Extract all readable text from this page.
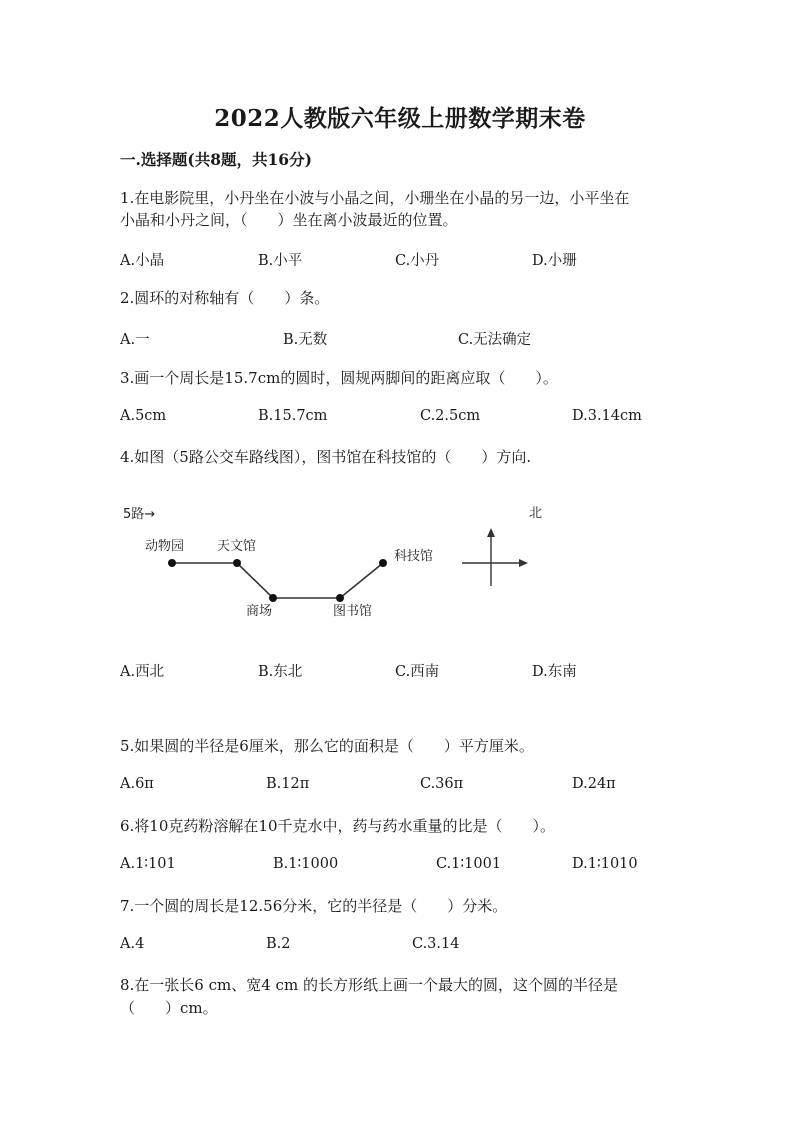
2022人教版六年级上册数学期末卷
一.选择题(共8题，共16分)
1.在电影院里，小丹坐在小波与小晶之间，小珊坐在小晶的另一边，小平坐在
小晶和小丹之间，（　　）坐在离小波最近的位置。
A.小晶	B.小平	C.小丹	D.小珊
2.圆环的对称轴有（　　）条。
A.一	B.无数	C.无法确定
3.画一个周长是15.7cm的圆时，圆规两脚间的距离应取（　　）。
A.5cm	B.15.7cm	C.2.5cm	D.3.14cm
4.如图（5路公交车路线图），图书馆在科技馆的（　　）方向.
5路→	北
动物园	天文馆
商场	图书馆
科技馆
A.西北	B.东北	C.西南	D.东南
5.如果圆的半径是6厘米，那么它的面积是（　　）平方厘米。
A.6π	B.12π	C.36π	D.24π
6.将10克药粉溶解在10千克水中，药与药水重量的比是（　　）。
A.1∶101	B.1∶1000	C.1∶1001	D.1∶1010
7.一个圆的周长是12.56分米，它的半径是（　　）分米。
A.4	B.2	C.3.14
8.在一张长6 cm、宽4 cm 的长方形纸上画一个最大的圆，这个圆的半径是
（　　）cm。
